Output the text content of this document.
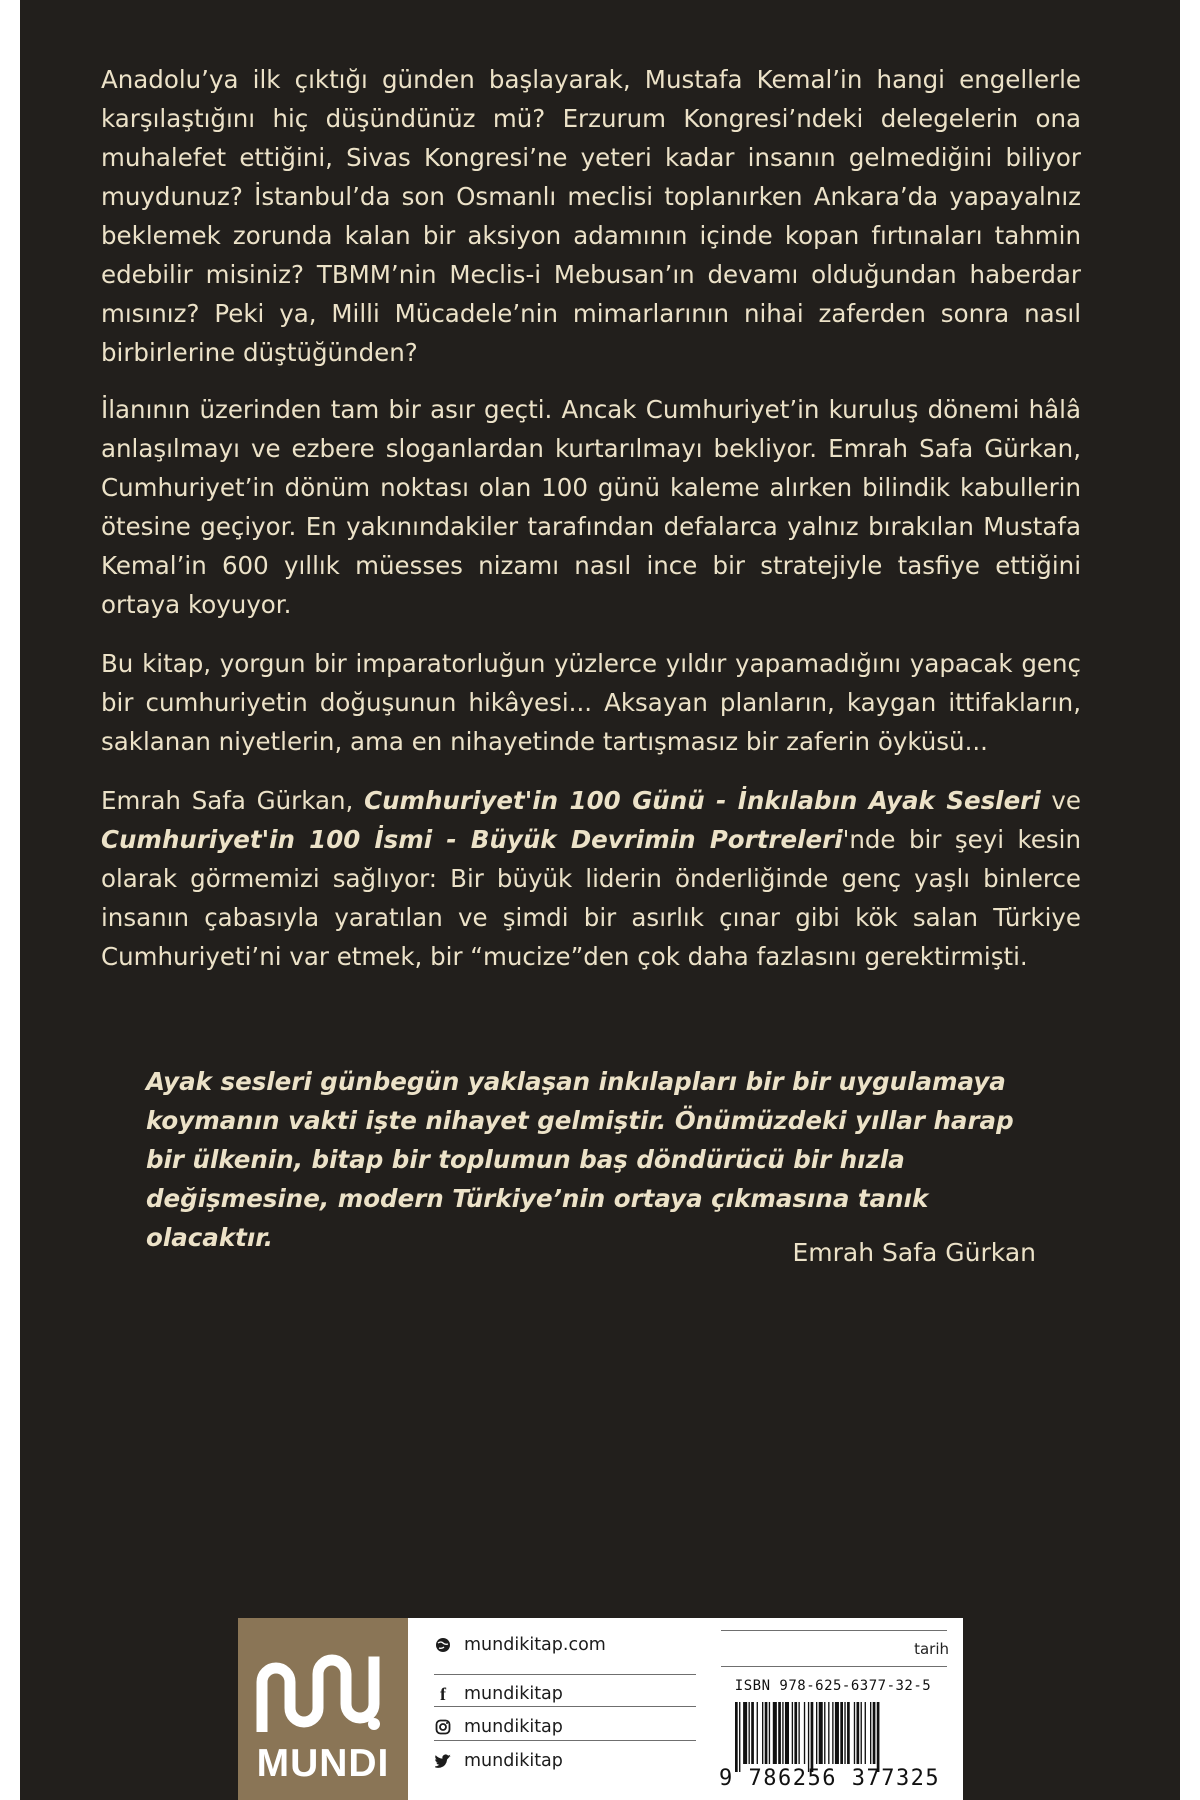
Anadolu’ya ilk çıktığı günden başlayarak, Mustafa Kemal’in hangi engellerle karşılaştığını hiç düşündünüz mü? Erzurum Kongresi’ndeki delegelerin ona muhalefet ettiğini, Sivas Kongresi’ne yeteri kadar insanın gelmediğini biliyor muydunuz? İstanbul’da son Osmanlı meclisi toplanırken Ankara’da yapayalnız beklemek zorunda kalan bir aksiyon adamının içinde kopan fırtınaları tahmin edebilir misiniz? TBMM’nin Meclis-i Mebusan’ın devamı olduğundan haberdar mısınız? Peki ya, Milli Mücadele’nin mimarlarının nihai zaferden sonra nasıl birbirlerine düştüğünden?

İlanının üzerinden tam bir asır geçti. Ancak Cumhuriyet’in kuruluş dönemi hâlâ anlaşılmayı ve ezbere sloganlardan kurtarılmayı bekliyor. Emrah Safa Gürkan, Cumhuriyet’in dönüm noktası olan 100 günü kaleme alırken bilindik kabullerin ötesine geçiyor. En yakınındakiler tarafından defalarca yalnız bırakılan Mustafa Kemal’in 600 yıllık müesses nizamı nasıl ince bir stratejiyle tasfiye ettiğini ortaya koyuyor.

Bu kitap, yorgun bir imparatorluğun yüzlerce yıldır yapamadığını yapacak genç bir cumhuriyetin doğuşunun hikâyesi... Aksayan planların, kaygan ittifakların, saklanan niyetlerin, ama en nihayetinde tartışmasız bir zaferin öyküsü...

Emrah Safa Gürkan, Cumhuriyet'in 100 Günü - İnkılabın Ayak Sesleri ve Cumhuriyet'in 100 İsmi - Büyük Devrimin Portreleri'nde bir şeyi kesin olarak görmemizi sağlıyor: Bir büyük liderin önderliğinde genç yaşlı binlerce insanın çabasıyla yaratılan ve şimdi bir asırlık çınar gibi kök salan Türkiye Cumhuriyeti’ni var etmek, bir “mucize”den çok daha fazlasını gerektirmişti.

Ayak sesleri günbegün yaklaşan inkılapları bir bir uygulamaya koymanın vakti işte nihayet gelmiştir. Önümüzdeki yıllar harap bir ülkenin, bitap bir toplumun baş döndürücü bir hızla değişmesine, modern Türkiye’nin ortaya çıkmasına tanık olacaktır.
Emrah Safa Gürkan
MUNDI
mundikitap.com
f	mundikitap
mundikitap
mundikitap
tarih
ISBN 978-625-6377-32-5
9 786256 377325
